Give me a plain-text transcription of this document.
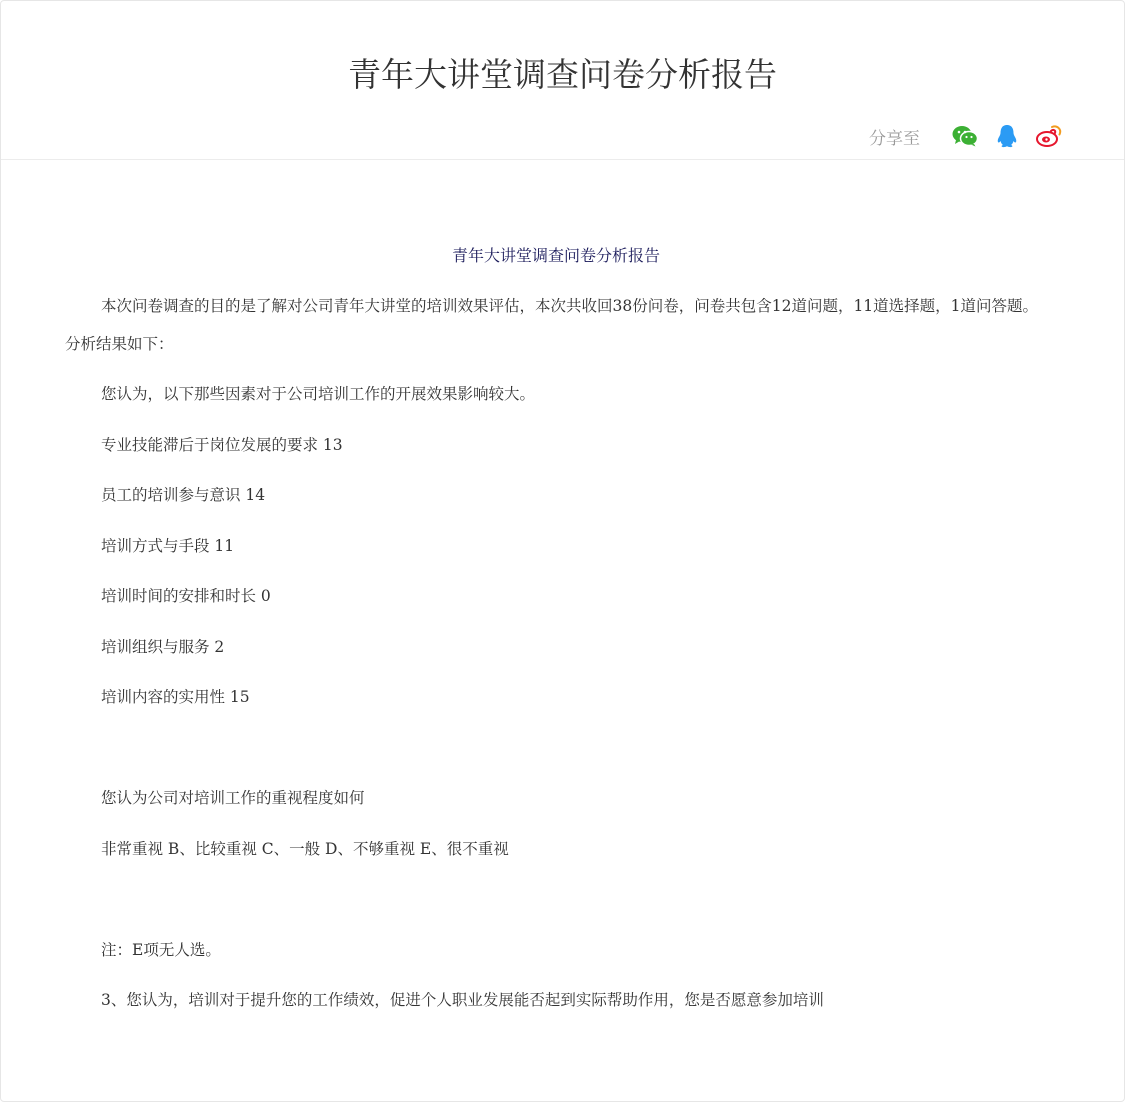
青年大讲堂调查问卷分析报告
分享至
青年大讲堂调查问卷分析报告

本次问卷调查的目的是了解对公司青年大讲堂的培训效果评估，本次共收回38份问卷，问卷共包含12道问题，11道选择题，1道问答题。分析结果如下：

您认为，以下那些因素对于公司培训工作的开展效果影响较大。

专业技能滞后于岗位发展的要求 13

员工的培训参与意识 14

培训方式与手段 11

培训时间的安排和时长 0

培训组织与服务 2

培训内容的实用性 15

您认为公司对培训工作的重视程度如何

非常重视 B、比较重视 C、一般 D、不够重视 E、很不重视

注：E项无人选。

3、您认为，培训对于提升您的工作绩效，促进个人职业发展能否起到实际帮助作用，您是否愿意参加培训
